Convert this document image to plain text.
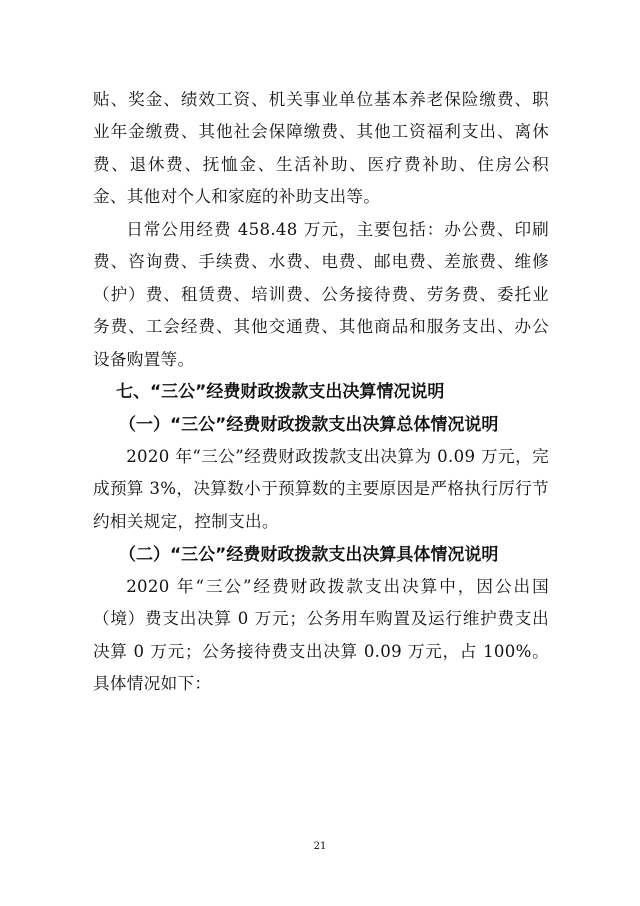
贴、奖金、绩效工资、机关事业单位基本养老保险缴费、职业年金缴费、其他社会保障缴费、其他工资福利支出、离休费、退休费、抚恤金、生活补助、医疗费补助、住房公积金、其他对个人和家庭的补助支出等。

日常公用经费 458.48 万元，主要包括：办公费、印刷费、咨询费、手续费、水费、电费、邮电费、差旅费、维修（护）费、租赁费、培训费、公务接待费、劳务费、委托业务费、工会经费、其他交通费、其他商品和服务支出、办公设备购置等。

七、“三公”经费财政拨款支出决算情况说明

（一）“三公”经费财政拨款支出决算总体情况说明

2020 年“三公”经费财政拨款支出决算为 0.09 万元，完成预算 3%，决算数小于预算数的主要原因是严格执行厉行节约相关规定，控制支出。

（二）“三公”经费财政拨款支出决算具体情况说明

2020 年“三公”经费财政拨款支出决算中，因公出国（境）费支出决算 0 万元；公务用车购置及运行维护费支出决算 0 万元；公务接待费支出决算 0.09 万元，占 100%。具体情况如下：

21
